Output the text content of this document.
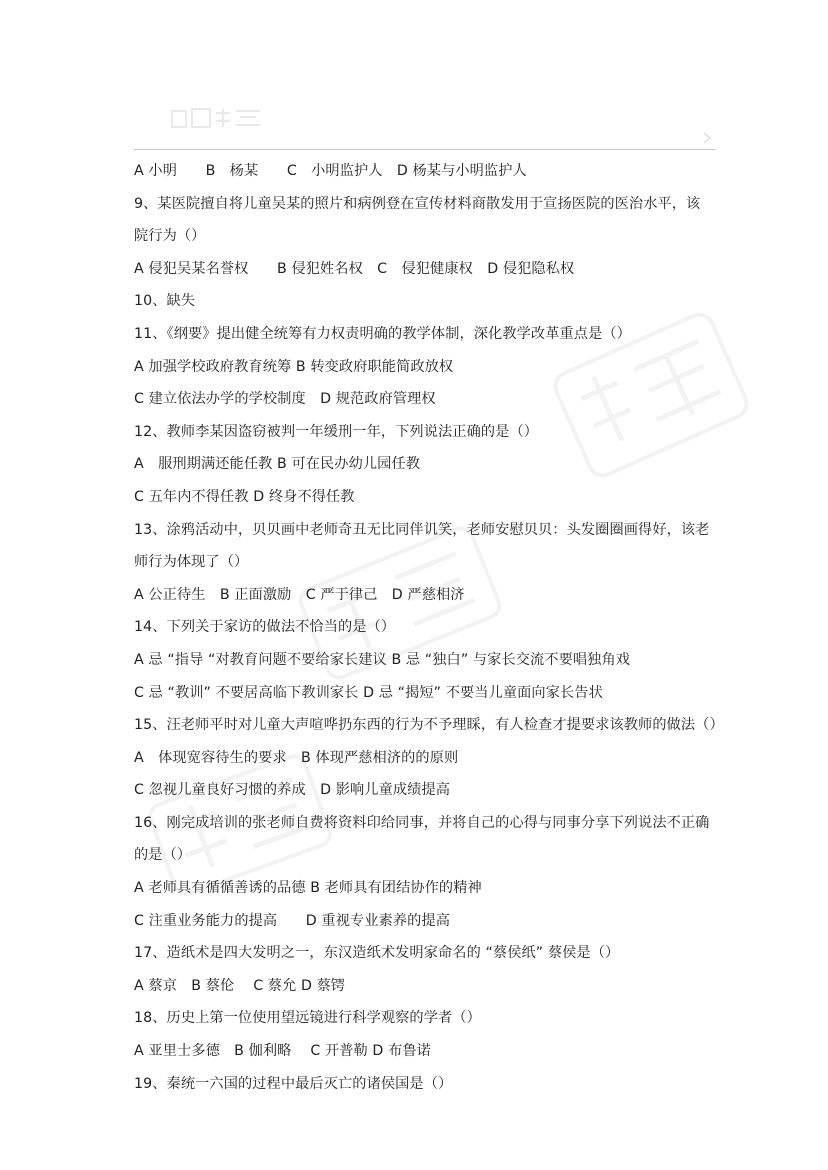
A 小明　　B　杨某　　C　小明监护人　D 杨某与小明监护人
9、某医院擅自将儿童吴某的照片和病例登在宣传材料商散发用于宣扬医院的医治水平，该
院行为（）
A 侵犯吴某名誉权　　B 侵犯姓名权　C　侵犯健康权　D 侵犯隐私权
10、缺失
11、《纲要》提出健全统筹有力权责明确的教学体制，深化教学改革重点是（）
A 加强学校政府教育统筹 B 转变政府职能简政放权
C 建立依法办学的学校制度　D 规范政府管理权
12、教师李某因盗窃被判一年缓刑一年，下列说法正确的是（）
A　服刑期满还能任教 B 可在民办幼儿园任教
C 五年内不得任教 D 终身不得任教
13、涂鸦活动中，贝贝画中老师奇丑无比同伴讥笑，老师安慰贝贝：头发圈圈画得好，该老
师行为体现了（）
A 公正待生　B 正面激励　C 严于律己　D 严慈相济
14、下列关于家访的做法不恰当的是（）
A 忌 “指导 “对教育问题不要给家长建议 B 忌 “独白” 与家长交流不要唱独角戏
C 忌 “教训” 不要居高临下教训家长 D 忌 “揭短” 不要当儿童面向家长告状
15、汪老师平时对儿童大声喧哗扔东西的行为不予理睬，有人检查才提要求该教师的做法（）
A　体现宽容待生的要求　B 体现严慈相济的的原则
C 忽视儿童良好习惯的养成　D 影响儿童成绩提高
16、刚完成培训的张老师自费将资料印给同事，并将自己的心得与同事分享下列说法不正确
的是（）
A 老师具有循循善诱的品德 B 老师具有团结协作的精神
C 注重业务能力的提高　　D 重视专业素养的提高
17、造纸术是四大发明之一，东汉造纸术发明家命名的 “蔡侯纸” 蔡侯是（）
A 蔡京　B 蔡伦　 C 蔡允 D 蔡锷
18、历史上第一位使用望远镜进行科学观察的学者（）
A 亚里士多德　B 伽利略　 C 开普勒 D 布鲁诺
19、秦统一六国的过程中最后灭亡的诸侯国是（）
